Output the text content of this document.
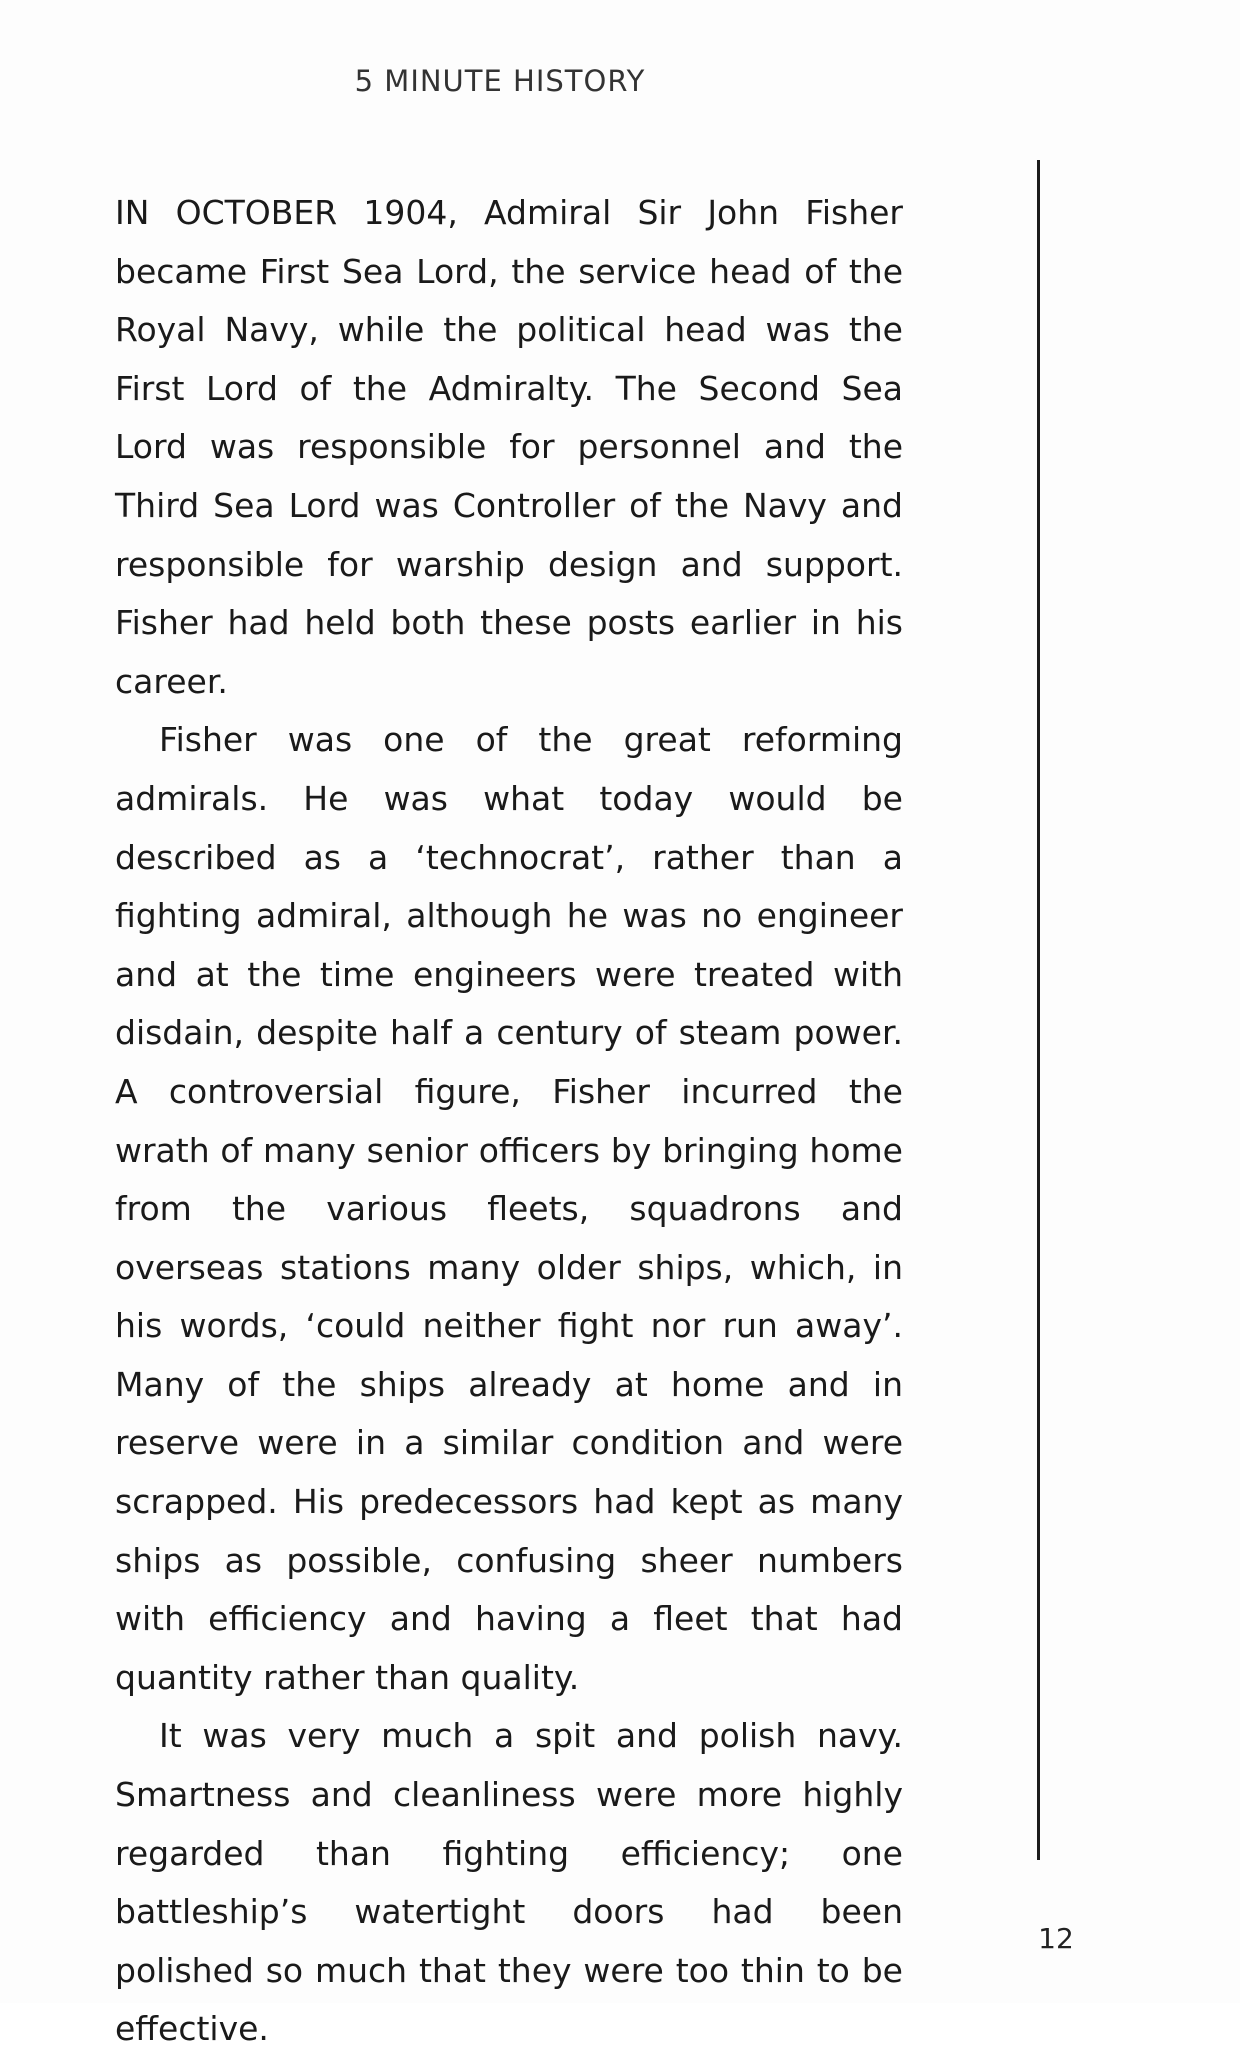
5 MINUTE HISTORY

IN OCTOBER 1904, Admiral Sir John Fisher became First Sea Lord, the service head of the Royal Navy, while the political head was the First Lord of the Admiralty. The Second Sea Lord was responsible for personnel and the Third Sea Lord was Controller of the Navy and responsible for warship design and support. Fisher had held both these posts earlier in his career.

Fisher was one of the great reforming admirals. He was what today would be described as a ‘technocrat’, rather than a fighting admiral, although he was no engineer and at the time engineers were treated with disdain, despite half a century of steam power. A controversial figure, Fisher incurred the wrath of many senior officers by bringing home from the various fleets, squadrons and overseas stations many older ships, which, in his words, ‘could neither fight nor run away’. Many of the ships already at home and in reserve were in a similar condition and were scrapped. His predecessors had kept as many ships as possible, confusing sheer numbers with efficiency and having a fleet that had quantity rather than quality.

It was very much a spit and polish navy. Smartness and cleanliness were more highly regarded than fighting efficiency; one battleship’s watertight doors had been polished so much that they were too thin to be effective.

12
